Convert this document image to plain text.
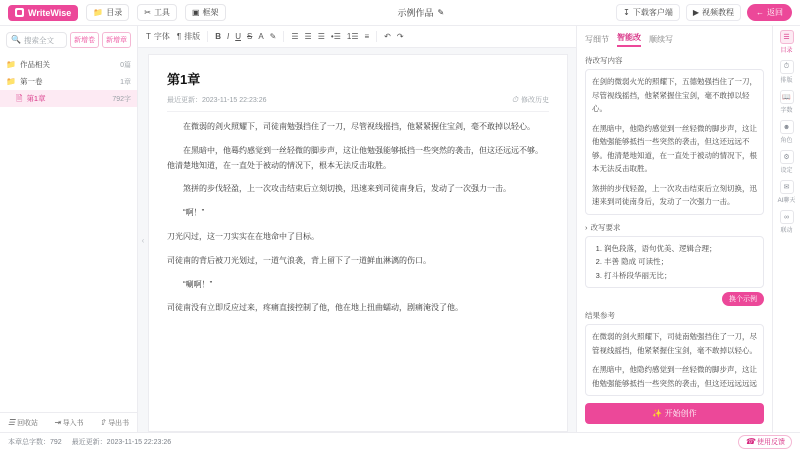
WriteWise	📁 目录	✂ 工具	▣ 框架	示例作品 ✎	↧ 下载客户端	▶ 视频教程	← 返回
🔍 搜索全文	新增卷	新增章
📁 作品相关	0篇
📁 第一卷	1章
🗎 第1章	792字
☰ 回收站 ⇥ 导入书 ⇧ 导出书
T 字体 ¶ 排版 B I U S A ✎ ☰ ☰ ☰ •☰ 1☰ ≡ ↶ ↷
‹
第1章
最近更新：2023-11-15 22:23:26	⏱ 修改历史

在微弱的剑火照耀下，司徒南勉强挡住了一刀，尽管视线摇挡，他紧紧握住宝剑，毫不敢掉以轻心。

在黑暗中，他蓦约感觉到一丝轻微的脚步声，这让他勉强能够抵挡一些突然的袭击，但这还远远不够。他清楚地知道，在一直处于被动的情况下，根本无法反击取胜。

煞拼的步伐轻盈，上一次攻击结束后立刻切换，迅速来到司徒南身后，发动了一次强力一击。

“啊！”

刀光闪过，这一刀实实在在地命中了目标。

司徒南的背后被刀光划过，一道气浪袭，背上留下了一道鲜血淋漓的伤口。

“唰啊！”

司徒南没有立即反应过来，疼痛直接控制了他，他在地上扭曲蠕动，剧痛淹没了他。

写细节 智能改 顺续写
待改写内容

在剑的微弱火光的照耀下，五德勉强挡住了一刀，尽管视线摇挡，他紧紧握住宝剑，毫不敢掉以轻心。

在黑暗中，他隐约感觉到一丝轻微的脚步声，这让他勉强能够抵挡一些突然的袭击，但这还远远不够。他清楚地知道，在一直处于被动的情况下，根本无法反击取胜。

煞拼的步伐轻盈，上一次攻击结束后立刻切换，迅速来到司徒南身后，发动了一次强力一击。

› 改写要求
1. 润色段落，语句优美、逻辑合理；
2. 丰善 隐成 可读性；
3. 打斗桥段华丽无比；
换个示例
结果参考

在微弱的剑火照耀下，司徒南勉强挡住了一刀，尽管视线摇挡，他紧紧握住宝剑，毫不敢掉以轻心。

在黑暗中，他隐约感觉到一丝轻微的脚步声，这让他勉强能够抵挡一些突然的袭击，但这还远远远远

✨ 开始创作
☰
目录
⏱
排版
📖
字数
☻
角色
⚙
设定
✉
AI聊天
∞
联动
本章总字数：792 最近更新：2023-11-15 22:23:26	☎ 使用反馈
